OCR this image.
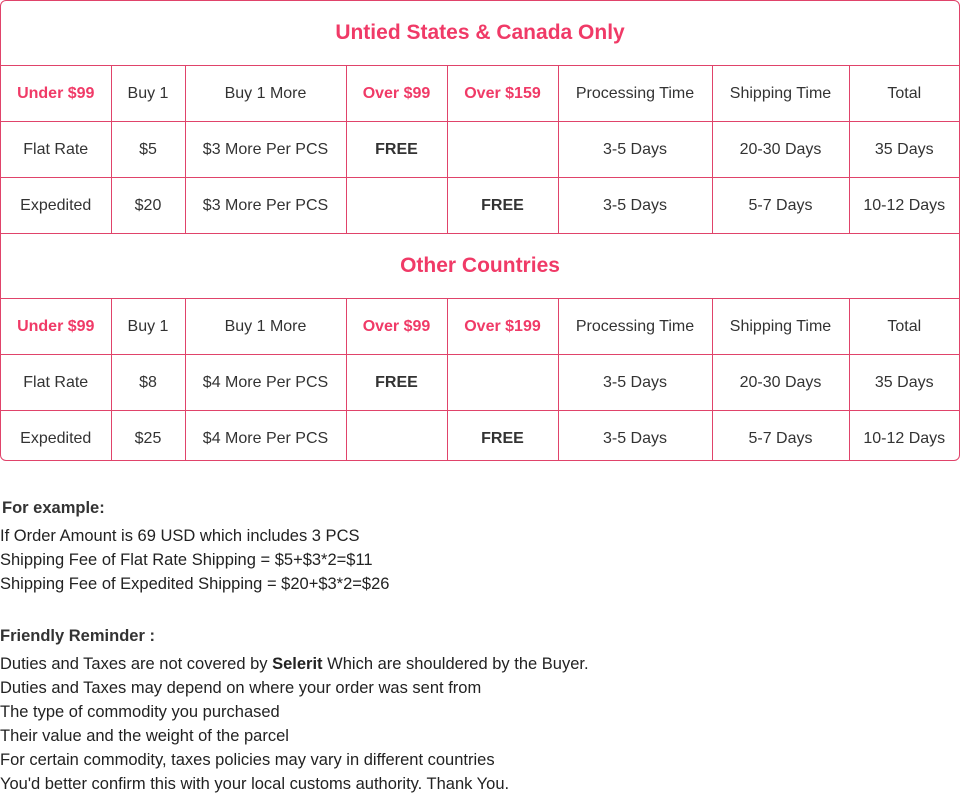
Untied States & Canada Only							
Under $99	Buy 1	Buy 1 More	Over $99	Over $159	Processing Time	Shipping Time	Total
Flat Rate	$5	$3 More Per PCS	FREE		3-5 Days	20-30 Days	35 Days
Expedited	$20	$3 More Per PCS		FREE	3-5 Days	5-7 Days	10-12 Days
Other Countries							
Under $99	Buy 1	Buy 1 More	Over $99	Over $199	Processing Time	Shipping Time	Total
Flat Rate	$8	$4 More Per PCS	FREE		3-5 Days	20-30 Days	35 Days
Expedited	$25	$4 More Per PCS		FREE	3-5 Days	5-7 Days	10-12 Days

For example:

If Order Amount is 69 USD which includes 3 PCS

Shipping Fee of Flat Rate Shipping = $5+$3*2=$11

Shipping Fee of Expedited Shipping = $20+$3*2=$26

Friendly Reminder :

Duties and Taxes are not covered by Selerit Which are shouldered by the Buyer.

Duties and Taxes may depend on where your order was sent from

The type of commodity you purchased

Their value and the weight of the parcel

For certain commodity, taxes policies may vary in different countries

You'd better confirm this with your local customs authority. Thank You.
